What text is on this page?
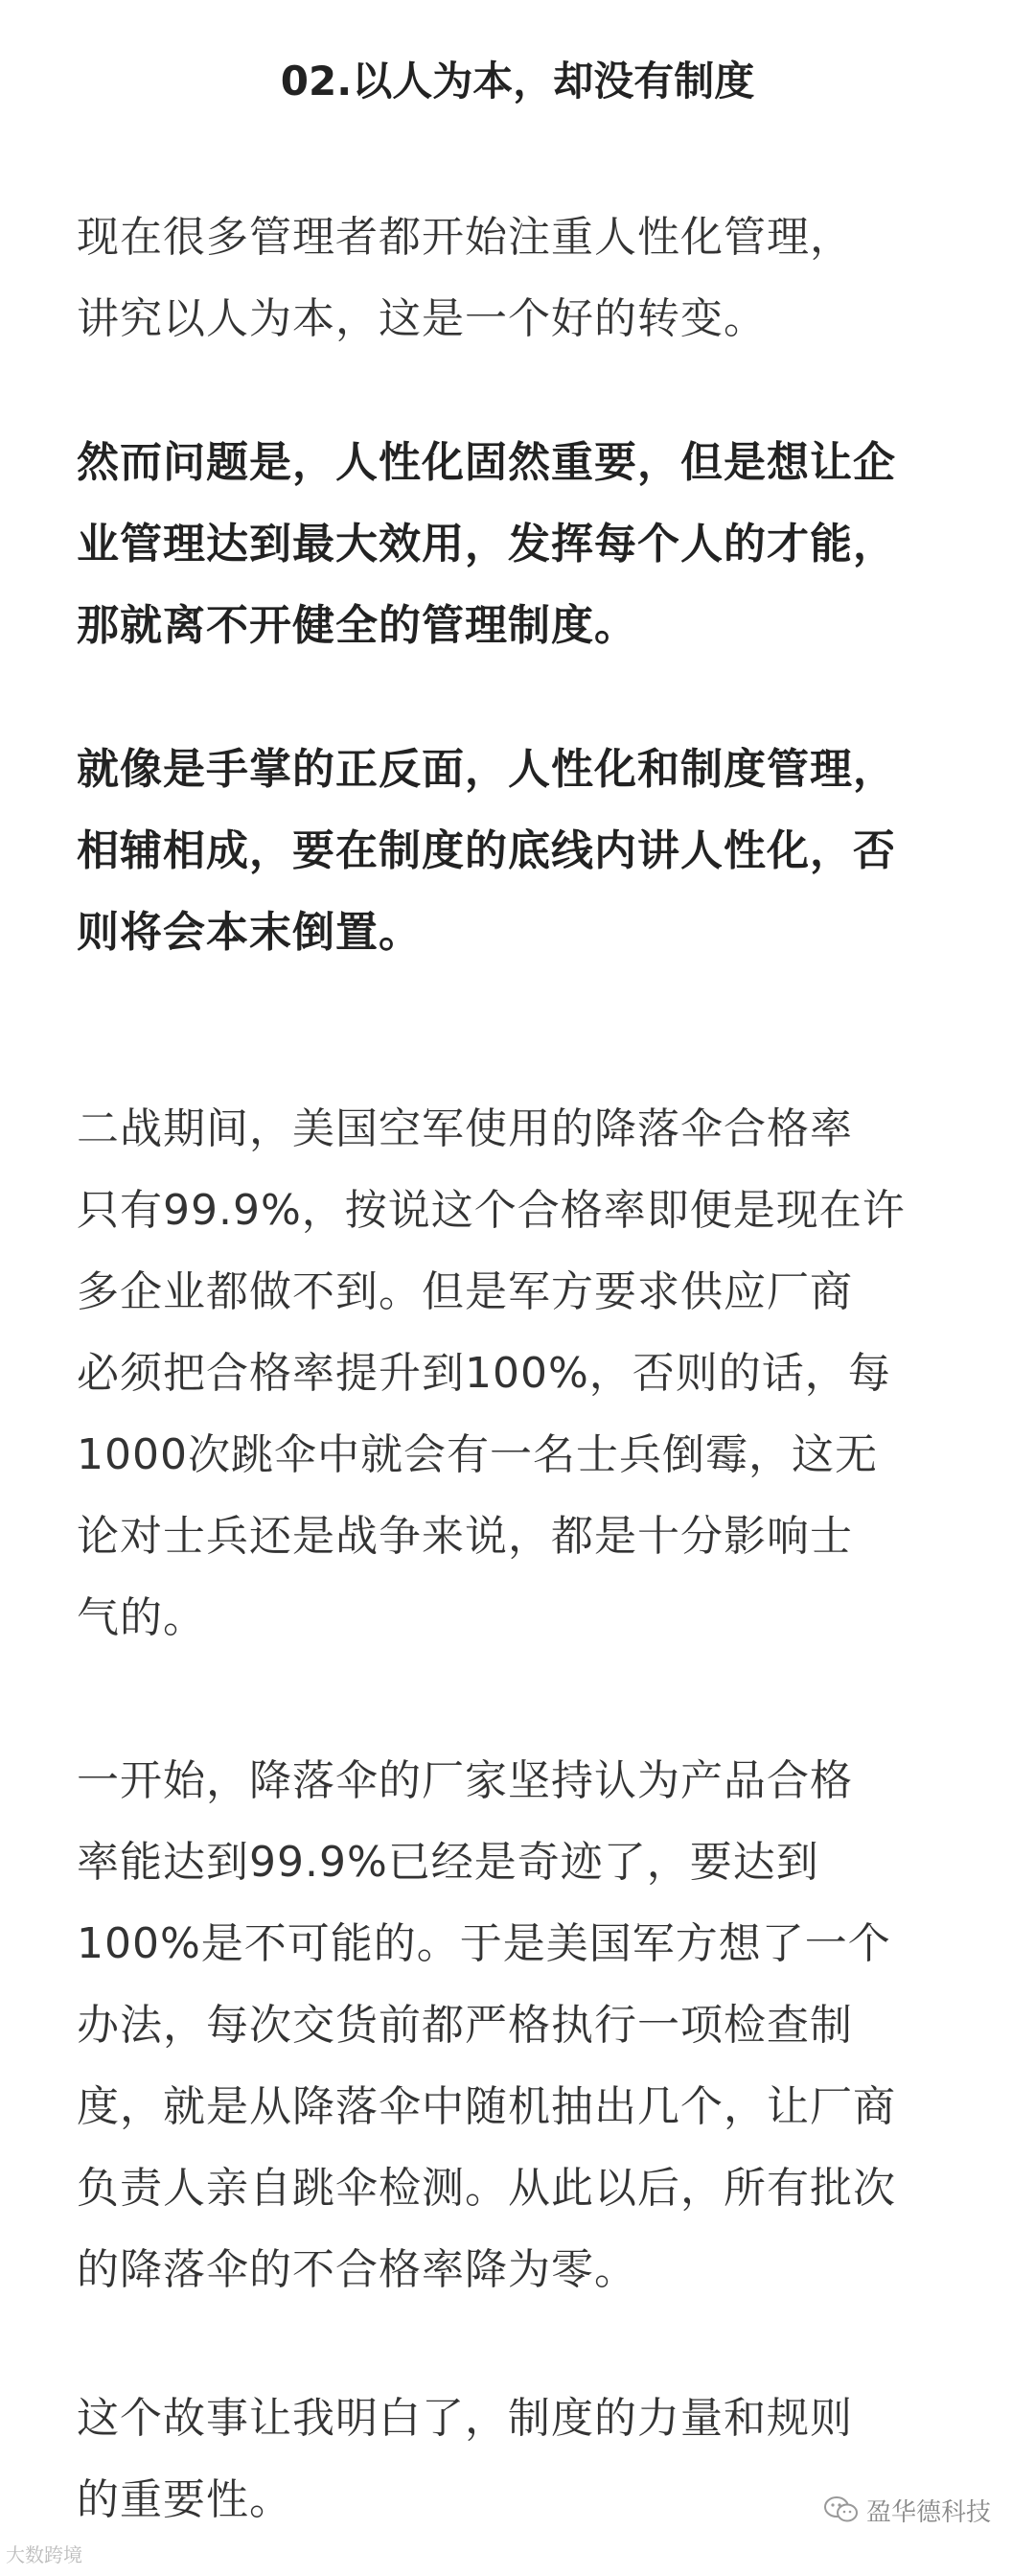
02.以人为本，却没有制度
现在很多管理者都开始注重人性化管理，
讲究以人为本，这是一个好的转变。
然而问题是，人性化固然重要，但是想让企
业管理达到最大效用，发挥每个人的才能，
那就离不开健全的管理制度。
就像是手掌的正反面，人性化和制度管理，
相辅相成，要在制度的底线内讲人性化，否
则将会本末倒置。
二战期间，美国空军使用的降落伞合格率
只有99.9%，按说这个合格率即便是现在许
多企业都做不到。但是军方要求供应厂商
必须把合格率提升到100%，否则的话，每
1000次跳伞中就会有一名士兵倒霉，这无
论对士兵还是战争来说，都是十分影响士
气的。
一开始，降落伞的厂家坚持认为产品合格
率能达到99.9%已经是奇迹了，要达到
100%是不可能的。于是美国军方想了一个
办法，每次交货前都严格执行一项检查制
度，就是从降落伞中随机抽出几个，让厂商
负责人亲自跳伞检测。从此以后，所有批次
的降落伞的不合格率降为零。
这个故事让我明白了，制度的力量和规则
的重要性。
大数跨境
盈华德科技
